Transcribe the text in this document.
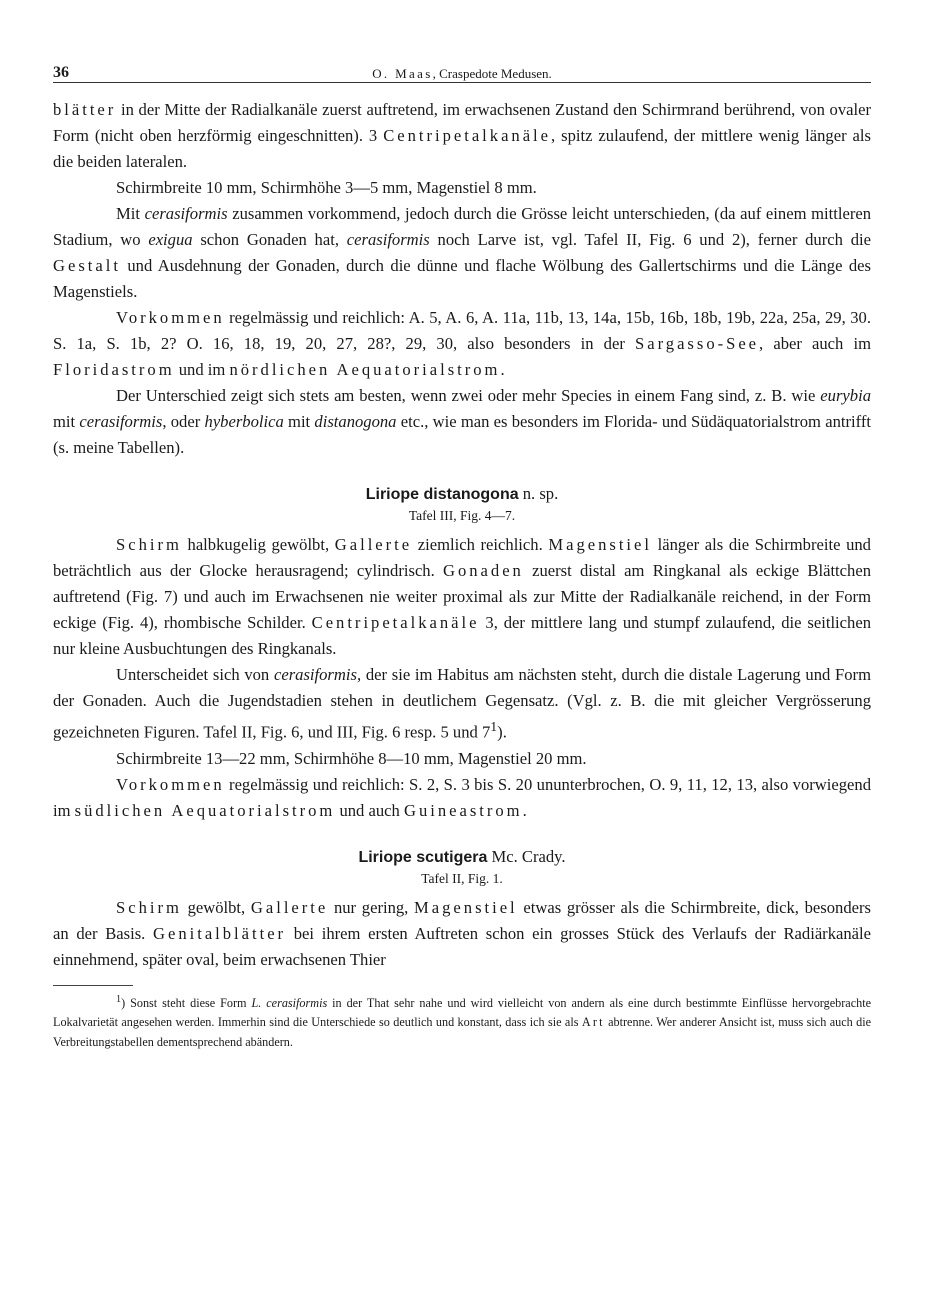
36	O. Maas, Craspedote Medusen.

blätter in der Mitte der Radialkanäle zuerst auftretend, im erwachsenen Zustand den Schirmrand berührend, von ovaler Form (nicht oben herzförmig eingeschnitten). 3 Centripetalkanäle, spitz zulaufend, der mittlere wenig länger als die beiden lateralen.

Schirmbreite 10 mm, Schirmhöhe 3—5 mm, Magenstiel 8 mm.

Mit cerasiformis zusammen vorkommend, jedoch durch die Grösse leicht unterschieden, (da auf einem mittleren Stadium, wo exigua schon Gonaden hat, cerasiformis noch Larve ist, vgl. Tafel II, Fig. 6 und 2), ferner durch die Gestalt und Ausdehnung der Gonaden, durch die dünne und flache Wölbung des Gallertschirms und die Länge des Magenstiels.

Vorkommen regelmässig und reichlich: A. 5, A. 6, A. 11a, 11b, 13, 14a, 15b, 16b, 18b, 19b, 22a, 25a, 29, 30. S. 1a, S. 1b, 2? O. 16, 18, 19, 20, 27, 28?, 29, 30, also besonders in der Sargasso-See, aber auch im Floridastrom und im nördlichen Aequatorialstrom.

Der Unterschied zeigt sich stets am besten, wenn zwei oder mehr Species in einem Fang sind, z. B. wie eurybia mit cerasiformis, oder hyberbolica mit distanogona etc., wie man es besonders im Florida- und Südäquatorialstrom antrifft (s. meine Tabellen).

Liriope distanogona n. sp.
Tafel III, Fig. 4—7.

Schirm halbkugelig gewölbt, Gallerte ziemlich reichlich. Magenstiel länger als die Schirmbreite und beträchtlich aus der Glocke herausragend; cylindrisch. Gonaden zuerst distal am Ringkanal als eckige Blättchen auftretend (Fig. 7) und auch im Erwachsenen nie weiter proximal als zur Mitte der Radialkanäle reichend, in der Form eckige (Fig. 4), rhombische Schilder. Centripetalkanäle 3, der mittlere lang und stumpf zulaufend, die seitlichen nur kleine Ausbuchtungen des Ringkanals.

Unterscheidet sich von cerasiformis, der sie im Habitus am nächsten steht, durch die distale Lagerung und Form der Gonaden. Auch die Jugendstadien stehen in deutlichem Gegensatz. (Vgl. z. B. die mit gleicher Vergrösserung gezeichneten Figuren. Tafel II, Fig. 6, und III, Fig. 6 resp. 5 und $7^1$).

Schirmbreite 13—22 mm, Schirmhöhe 8—10 mm, Magenstiel 20 mm.

Vorkommen regelmässig und reichlich: S. 2, S. 3 bis S. 20 ununterbrochen, O. 9, 11, 12, 13, also vorwiegend im südlichen Aequatorialstrom und auch Guineastrom.

Liriope scutigera Mc. Crady.
Tafel II, Fig. 1.

Schirm gewölbt, Gallerte nur gering, Magenstiel etwas grösser als die Schirmbreite, dick, besonders an der Basis. Genitalblätter bei ihrem ersten Auftreten schon ein grosses Stück des Verlaufs der Radiärkanäle einnehmend, später oval, beim erwachsenen Thier

$^1$) Sonst steht diese Form L. cerasiformis in der That sehr nahe und wird vielleicht von andern als eine durch bestimmte Einflüsse hervorgebrachte Lokalvarietät angesehen werden. Immerhin sind die Unterschiede so deutlich und konstant, dass ich sie als Art abtrenne. Wer anderer Ansicht ist, muss sich auch die Verbreitungstabellen dementsprechend abändern.
